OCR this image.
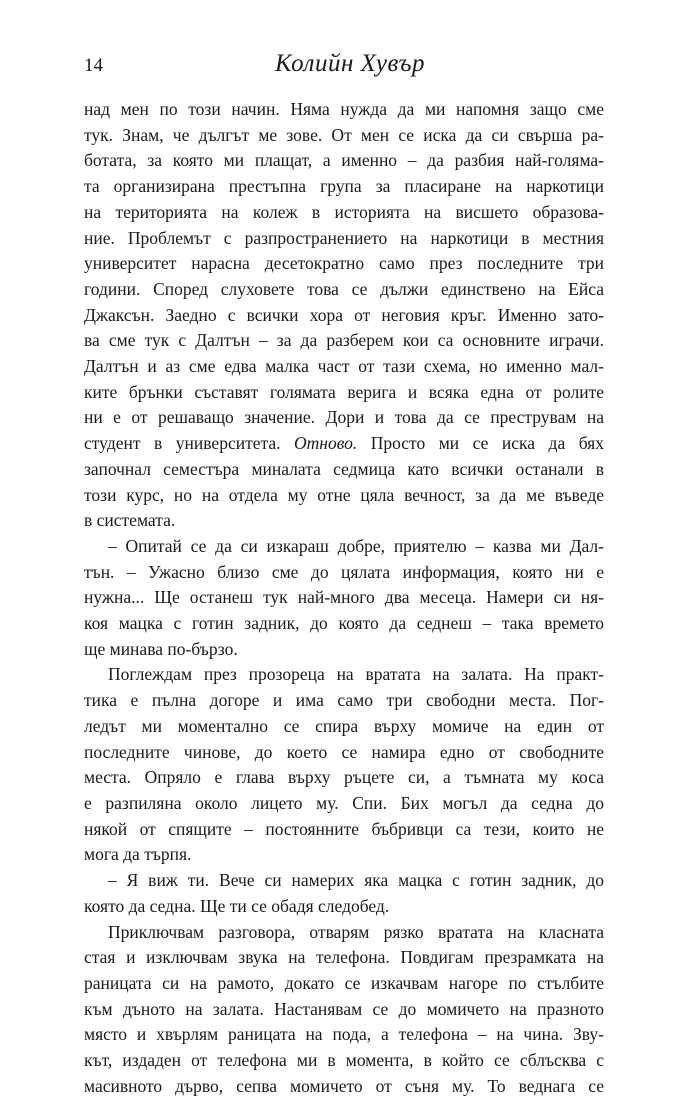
14	Колийн Хувър
над мен по този начин. Няма нужда да ми напомня защо сме
тук. Знам, че дългът ме зове. От мен се иска да си свърша ра-
ботата, за която ми плащат, а именно – да разбия най-голяма-
та организирана престъпна група за пласиране на наркотици
на територията на колеж в историята на висшето образова-
ние. Проблемът с разпространението на наркотици в местния
университет нарасна десетократно само през последните три
години. Според слуховете това се дължи единствено на Ейса
Джаксън. Заедно с всички хора от неговия кръг. Именно зато-
ва сме тук с Далтън – за да разберем кои са основните играчи.
Далтън и аз сме едва малка част от тази схема, но именно мал-
ките брънки съставят голямата верига и всяка една от ролите
ни е от решаващо значение. Дори и това да се преструвам на
студент в университета. Отново. Просто ми се иска да бях
започнал семестъра миналата седмица като всички останали в
този курс, но на отдела му отне цяла вечност, за да ме въведе
в системата.
– Опитай се да си изкараш добре, приятелю – казва ми Дал-
тън. – Ужасно близо сме до цялата информация, която ни е
нужна... Ще останеш тук най-много два месеца. Намери си ня-
коя мацка с готин задник, до която да седнеш – така времето
ще минава по-бързо.
Поглеждам през прозореца на вратата на залата. На практ-
тика е пълна догоре и има само три свободни места. Пог-
ледът ми моментално се спира върху момиче на един от
последните чинове, до което се намира едно от свободните
места. Опряло е глава върху ръцете си, а тъмната му коса
е разпиляна около лицето му. Спи. Бих могъл да седна до
някой от спящите – постоянните бъбривци са тези, които не
мога да търпя.
– Я виж ти. Вече си намерих яка мацка с готин задник, до
която да седна. Ще ти се обадя следобед.
Приключвам разговора, отварям рязко вратата на класната
стая и изключвам звука на телефона. Повдигам презрамката на
раницата си на рамото, докато се изкачвам нагоре по стълбите
към дъното на залата. Настанявам се до момичето на празното
място и хвърлям раницата на пода, а телефона – на чина. Зву-
кът, издаден от телефона ми в момента, в който се сблъсква с
масивното дърво, сепва момичето от съня му. То веднага се
